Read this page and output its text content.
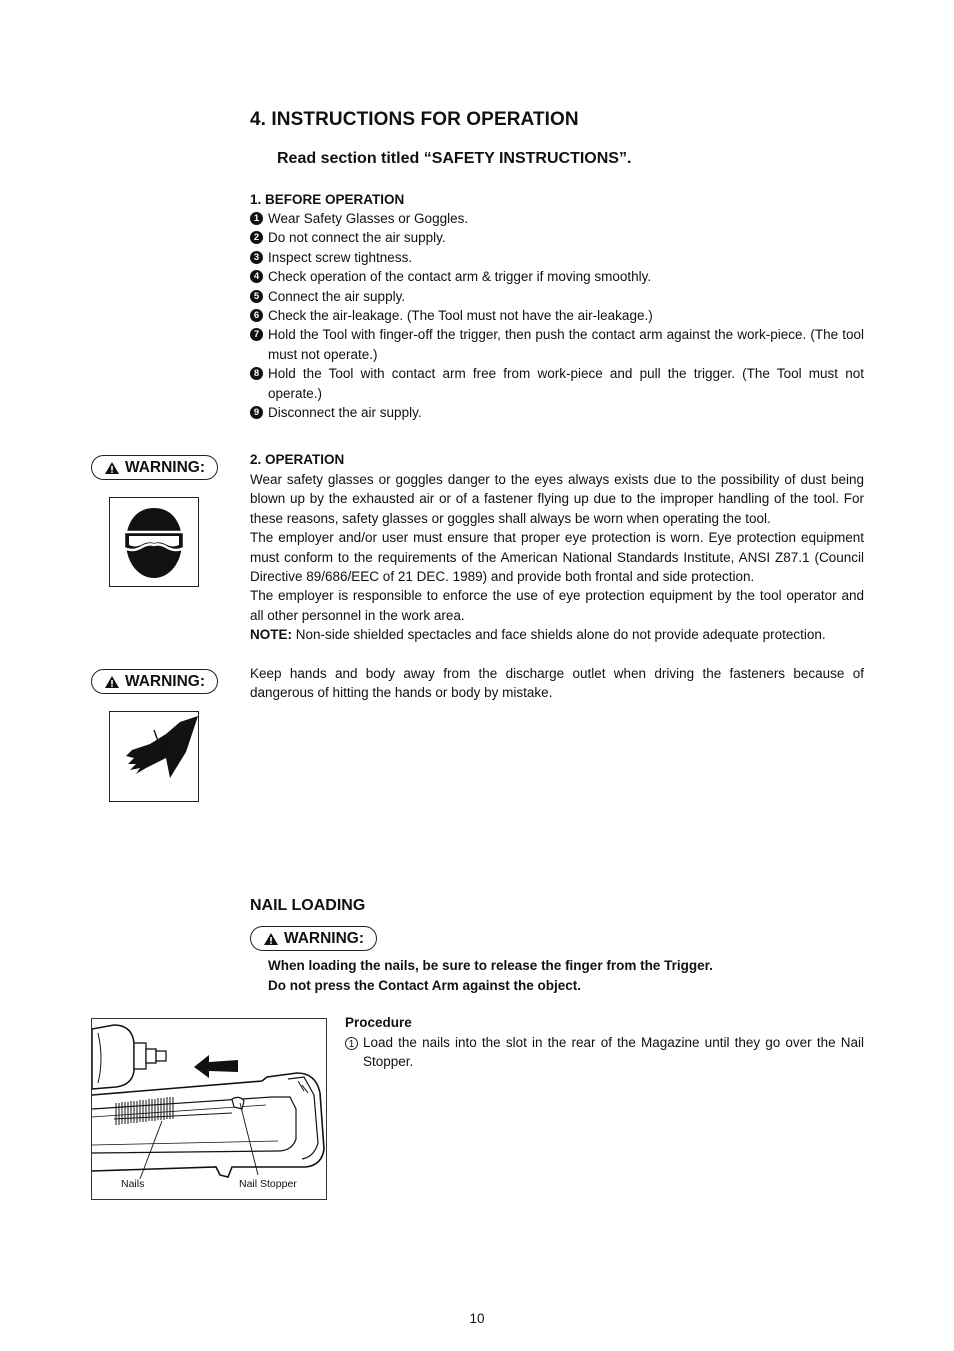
4. INSTRUCTIONS FOR OPERATION
Read section titled “SAFETY INSTRUCTIONS”.
1. BEFORE OPERATION
1 Wear Safety Glasses or Goggles.
2 Do not connect the air supply.
3 Inspect screw tightness.
4 Check operation of the contact arm & trigger if moving smoothly.
5 Connect the air supply.
6 Check the air-leakage. (The Tool must not have the air-leakage.)
7 Hold the Tool with finger-off the trigger, then push the contact arm against the work-piece. (The tool must not operate.)
8 Hold the Tool with contact arm free from work-piece and pull the trigger. (The Tool must not operate.)
9 Disconnect the air supply.
WARNING:	2. OPERATION
Wear safety glasses or goggles danger to the eyes always exists due to the possibility of dust being blown up by the exhausted air or of a fastener flying up due to the improper handling of the tool. For these reasons, safety glasses or goggles shall always be worn when operating the tool.
The employer and/or user must ensure that proper eye protection is worn. Eye protection equipment must conform to the requirements of the American National Standards Institute, ANSI Z87.1 (Council Directive 89/686/EEC of 21 DEC. 1989) and provide both frontal and side protection.
The employer is responsible to enforce the use of eye protection equipment by the tool operator and all other personnel in the work area.
NOTE: Non-side shielded spectacles and face shields alone do not provide adequate protection.
WARNING:	Keep hands and body away from the discharge outlet when driving the fasteners because of dangerous of hitting the hands or body by mistake.
NAIL LOADING
WARNING:
When loading the nails, be sure to release the finger from the Trigger.
Do not press the Contact Arm against the object.
Nails	Nail Stopper
Procedure
1 Load the nails into the slot in the rear of the Magazine until they go over the Nail Stopper.
10
